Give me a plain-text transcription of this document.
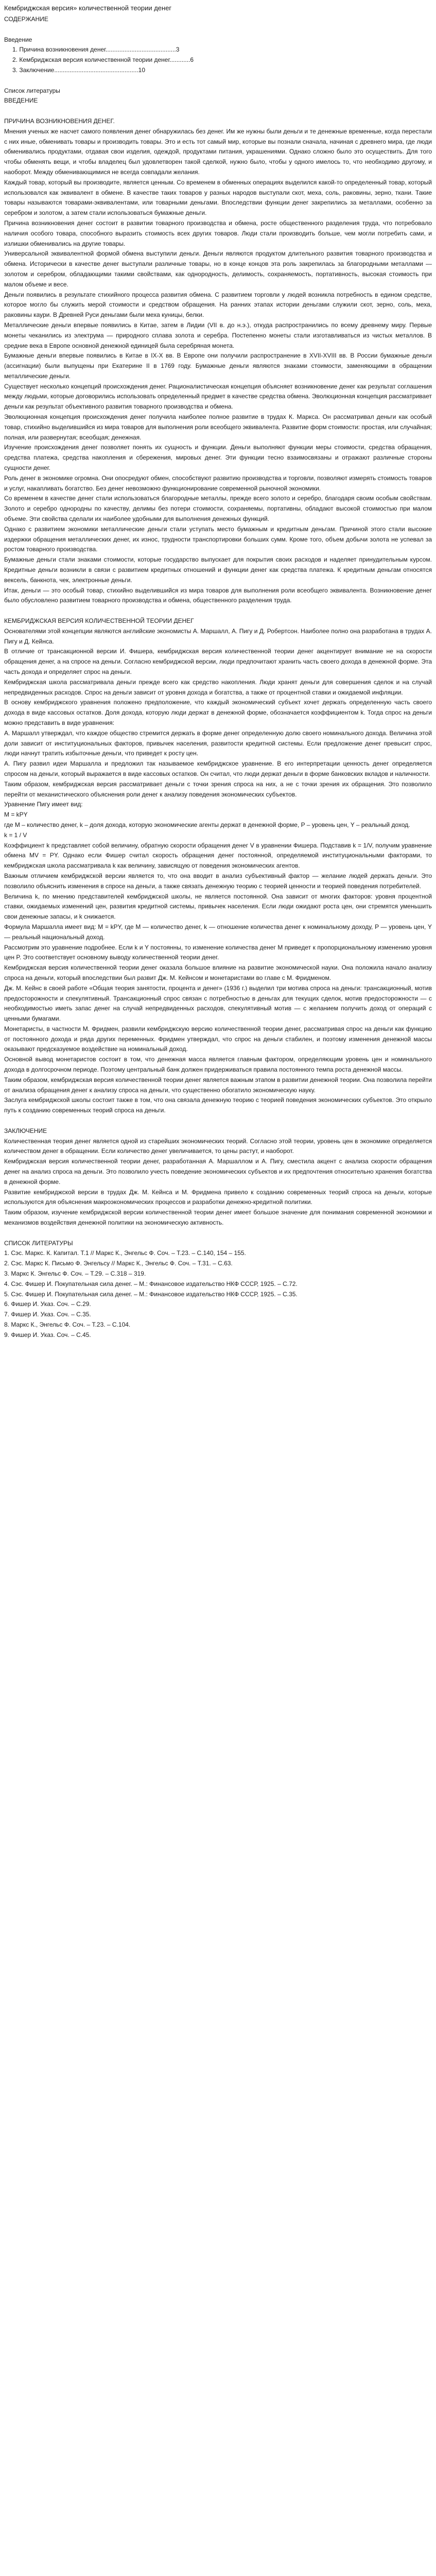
Кембриджская версия» количественной теории денег
СОДЕРЖАНИЕ
Введение
1. Причина возникновения денег.........................................3
2. Кембриджская версия количественной теории денег............6
3. Заключение.................................................10
Список литературы
ВВЕДЕНИЕ
ПРИЧИНА ВОЗНИКНОВЕНИЯ ДЕНЕГ.

Мнения ученых же насчет самого появления денег обнаружилась без денег. Им же нужны были деньги и те денежные временные, когда перестали с них иные, обменивать товары и производить товары. Это и есть тот самый мир, которые вы познали сначала, начиная с древнего мира, где люди обменивались продуктами, отдавая свои изделия, одеждой, продуктами питания, украшениями. Однако сложно было это осуществить. Для того чтобы обменять вещи, и чтобы владелец был удовлетворен такой сделкой, нужно было, чтобы у одного имелось то, что необходимо другому, и наоборот. Между обменивающимися не всегда совпадали желания.

Каждый товар, который вы производите, является ценным. Со временем в обменных операциях выделился какой-то определенный товар, который использовался как эквивалент в обмене. В качестве таких товаров у разных народов выступали скот, меха, соль, раковины, зерно, ткани. Такие товары называются товарами-эквивалентами, или товарными деньгами. Впоследствии функции денег закрепились за металлами, особенно за серебром и золотом, а затем стали использоваться бумажные деньги.

Причина возникновения денег состоит в развитии товарного производства и обмена, росте общественного разделения труда, что потребовало наличия особого товара, способного выразить стоимость всех других товаров. Люди стали производить больше, чем могли потребить сами, и излишки обменивались на другие товары.

Универсальной эквивалентной формой обмена выступили деньги. Деньги являются продуктом длительного развития товарного производства и обмена. Исторически в качестве денег выступали различные товары, но в конце концов эта роль закрепилась за благородными металлами — золотом и серебром, обладающими такими свойствами, как однородность, делимость, сохраняемость, портативность, высокая стоимость при малом объеме и весе.

Деньги появились в результате стихийного процесса развития обмена. С развитием торговли у людей возникла потребность в едином средстве, которое могло бы служить мерой стоимости и средством обращения. На ранних этапах истории деньгами служили скот, зерно, соль, меха, раковины каури. В Древней Руси деньгами были меха куницы, белки.

Металлические деньги впервые появились в Китае, затем в Лидии (VII в. до н.э.), откуда распространились по всему древнему миру. Первые монеты чеканились из электрума — природного сплава золота и серебра. Постепенно монеты стали изготавливаться из чистых металлов. В средние века в Европе основной денежной единицей была серебряная монета.

Бумажные деньги впервые появились в Китае в IX-X вв. В Европе они получили распространение в XVII-XVIII вв. В России бумажные деньги (ассигнации) были выпущены при Екатерине II в 1769 году. Бумажные деньги являются знаками стоимости, заменяющими в обращении металлические деньги.

Существует несколько концепций происхождения денег. Рационалистическая концепция объясняет возникновение денег как результат соглашения между людьми, которые договорились использовать определенный предмет в качестве средства обмена. Эволюционная концепция рассматривает деньги как результат объективного развития товарного производства и обмена.

Эволюционная концепция происхождения денег получила наиболее полное развитие в трудах К. Маркса. Он рассматривал деньги как особый товар, стихийно выделившийся из мира товаров для выполнения роли всеобщего эквивалента. Развитие форм стоимости: простая, или случайная; полная, или развернутая; всеобщая; денежная.

Изучение происхождения денег позволяет понять их сущность и функции. Деньги выполняют функции меры стоимости, средства обращения, средства платежа, средства накопления и сбережения, мировых денег. Эти функции тесно взаимосвязаны и отражают различные стороны сущности денег.

Роль денег в экономике огромна. Они опосредуют обмен, способствуют развитию производства и торговли, позволяют измерять стоимость товаров и услуг, накапливать богатство. Без денег невозможно функционирование современной рыночной экономики.

Со временем в качестве денег стали использоваться благородные металлы, прежде всего золото и серебро, благодаря своим особым свойствам. Золото и серебро однородны по качеству, делимы без потери стоимости, сохраняемы, портативны, обладают высокой стоимостью при малом объеме. Эти свойства сделали их наиболее удобными для выполнения денежных функций.

Однако с развитием экономики металлические деньги стали уступать место бумажным и кредитным деньгам. Причиной этого стали высокие издержки обращения металлических денег, их износ, трудности транспортировки больших сумм. Кроме того, объем добычи золота не успевал за ростом товарного производства.

Бумажные деньги стали знаками стоимости, которые государство выпускает для покрытия своих расходов и наделяет принудительным курсом. Кредитные деньги возникли в связи с развитием кредитных отношений и функции денег как средства платежа. К кредитным деньгам относятся вексель, банкнота, чек, электронные деньги.

Итак, деньги — это особый товар, стихийно выделившийся из мира товаров для выполнения роли всеобщего эквивалента. Возникновение денег было обусловлено развитием товарного производства и обмена, общественного разделения труда.

КЕМБРИДЖСКАЯ ВЕРСИЯ КОЛИЧЕСТВЕННОЙ ТЕОРИИ ДЕНЕГ

Основателями этой концепции являются английские экономисты А. Маршалл, А. Пигу и Д. Робертсон. Наиболее полно она разработана в трудах А. Пигу и Д. Кейнса.

В отличие от трансакционной версии И. Фишера, кембриджская версия количественной теории денег акцентирует внимание не на скорости обращения денег, а на спросе на деньги. Согласно кембриджской версии, люди предпочитают хранить часть своего дохода в денежной форме. Эта часть дохода и определяет спрос на деньги.

Кембриджская школа рассматривала деньги прежде всего как средство накопления. Люди хранят деньги для совершения сделок и на случай непредвиденных расходов. Спрос на деньги зависит от уровня дохода и богатства, а также от процентной ставки и ожидаемой инфляции.

В основу кембриджского уравнения положено предположение, что каждый экономический субъект хочет держать определенную часть своего дохода в виде кассовых остатков. Доля дохода, которую люди держат в денежной форме, обозначается коэффициентом k. Тогда спрос на деньги можно представить в виде уравнения:

А. Маршалл утверждал, что каждое общество стремится держать в форме денег определенную долю своего номинального дохода. Величина этой доли зависит от институциональных факторов, привычек населения, развитости кредитной системы. Если предложение денег превысит спрос, люди начнут тратить избыточные деньги, что приведет к росту цен.

А. Пигу развил идеи Маршалла и предложил так называемое кембриджское уравнение. В его интерпретации ценность денег определяется спросом на деньги, который выражается в виде кассовых остатков. Он считал, что люди держат деньги в форме банковских вкладов и наличности.

Таким образом, кембриджская версия рассматривает деньги с точки зрения спроса на них, а не с точки зрения их обращения. Это позволило перейти от механистического объяснения роли денег к анализу поведения экономических субъектов.

Уравнение Пигу имеет вид:

M = kPY

где M – количество денег, k – доля дохода, которую экономические агенты держат в денежной форме, P – уровень цен, Y – реальный доход.

k = 1 / V

Коэффициент k представляет собой величину, обратную скорости обращения денег V в уравнении Фишера. Подставив k = 1/V, получим уравнение обмена MV = PY. Однако если Фишер считал скорость обращения денег постоянной, определяемой институциональными факторами, то кембриджская школа рассматривала k как величину, зависящую от поведения экономических агентов.

Важным отличием кембриджской версии является то, что она вводит в анализ субъективный фактор — желание людей держать деньги. Это позволило объяснить изменения в спросе на деньги, а также связать денежную теорию с теорией ценности и теорией поведения потребителей.

Величина k, по мнению представителей кембриджской школы, не является постоянной. Она зависит от многих факторов: уровня процентной ставки, ожидаемых изменений цен, развития кредитной системы, привычек населения. Если люди ожидают роста цен, они стремятся уменьшить свои денежные запасы, и k снижается.

Формула Маршалла имеет вид: M = kPY, где M — количество денег, k — отношение количества денег к номинальному доходу, P — уровень цен, Y — реальный национальный доход.

Рассмотрим это уравнение подробнее. Если k и Y постоянны, то изменение количества денег M приведет к пропорциональному изменению уровня цен P. Это соответствует основному выводу количественной теории денег.

Кембриджская версия количественной теории денег оказала большое влияние на развитие экономической науки. Она положила начало анализу спроса на деньги, который впоследствии был развит Дж. М. Кейнсом и монетаристами во главе с М. Фридменом.

Дж. М. Кейнс в своей работе «Общая теория занятости, процента и денег» (1936 г.) выделил три мотива спроса на деньги: трансакционный, мотив предосторожности и спекулятивный. Трансакционный спрос связан с потребностью в деньгах для текущих сделок, мотив предосторожности — с необходимостью иметь запас денег на случай непредвиденных расходов, спекулятивный мотив — с желанием получить доход от операций с ценными бумагами.

Монетаристы, в частности М. Фридмен, развили кембриджскую версию количественной теории денег, рассматривая спрос на деньги как функцию от постоянного дохода и ряда других переменных. Фридмен утверждал, что спрос на деньги стабилен, и поэтому изменения денежной массы оказывают предсказуемое воздействие на номинальный доход.

Основной вывод монетаристов состоит в том, что денежная масса является главным фактором, определяющим уровень цен и номинального дохода в долгосрочном периоде. Поэтому центральный банк должен придерживаться правила постоянного темпа роста денежной массы.

Таким образом, кембриджская версия количественной теории денег является важным этапом в развитии денежной теории. Она позволила перейти от анализа обращения денег к анализу спроса на деньги, что существенно обогатило экономическую науку.

Заслуга кембриджской школы состоит также в том, что она связала денежную теорию с теорией поведения экономических субъектов. Это открыло путь к созданию современных теорий спроса на деньги.

ЗАКЛЮЧЕНИЕ

Количественная теория денег является одной из старейших экономических теорий. Согласно этой теории, уровень цен в экономике определяется количеством денег в обращении. Если количество денег увеличивается, то цены растут, и наоборот.

Кембриджская версия количественной теории денег, разработанная А. Маршаллом и А. Пигу, сместила акцент с анализа скорости обращения денег на анализ спроса на деньги. Это позволило учесть поведение экономических субъектов и их предпочтения относительно хранения богатства в денежной форме.

Развитие кембриджской версии в трудах Дж. М. Кейнса и М. Фридмена привело к созданию современных теорий спроса на деньги, которые используются для объяснения макроэкономических процессов и разработки денежно-кредитной политики.

Таким образом, изучение кембриджской версии количественной теории денег имеет большое значение для понимания современной экономики и механизмов воздействия денежной политики на экономическую активность.

СПИСОК ЛИТЕРАТУРЫ
1. Сэс. Маркс. К. Капитал. Т.1 // Маркс К., Энгельс Ф. Соч. – Т.23. – С.140, 154 – 155.
2. Сэс. Маркс К. Письмо Ф. Энгельсу // Маркс К., Энгельс Ф. Соч. – Т.31. – С.63.
3. Маркс К. Энгельс Ф. Соч. – Т.29. – С.318 – 319.
4. Сэс. Фишер И. Покупательная сила денег. – М.: Финансовое издательство НКФ СССР, 1925. – С.72.
5. Сэс. Фишер И. Покупательная сила денег. – М.: Финансовое издательство НКФ СССР, 1925. – С.35.
6. Фишер И. Указ. Соч. – С.29.
7. Фишер И. Указ. Соч. – С.35.
8. Маркс К., Энгельс Ф. Соч. – Т.23. – С.104.
9. Фишер И. Указ. Соч. – С.45.
